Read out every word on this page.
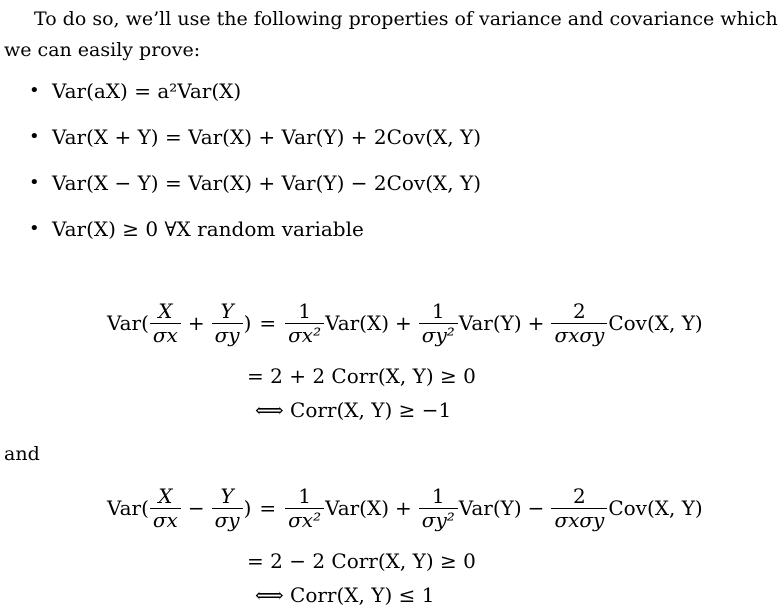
To do so, we’ll use the following properties of variance and covariance which
we can easily prove:
• Var(aX) = a²Var(X)
• Var(X + Y) = Var(X) + Var(Y) + 2Cov(X, Y)
• Var(X − Y) = Var(X) + Var(Y) − 2Cov(X, Y)
• Var(X) ≥ 0 ∀X random variable
$Var( \frac{X}{\sigma x} + \frac{Y}{\sigma y}$ ) = $\frac{1}{\text{σx²}} Var(X) + \frac{1}{\text{σy²}} Var(Y) + \frac{2}{\text{σxσy}} Cov(X$, Y)
= 2 + 2 Corr(X, Y) ≥ 0
⟺ Corr(X, Y) ≥ −1
and
$Var( \frac{X}{\sigma x} - \frac{Y}{\sigma y}$ ) = $\frac{1}{\text{σx²}} Var(X) + \frac{1}{\text{σy²}} Var(Y) - \frac{2}{\text{σxσy}} Cov(X$, Y)
= 2 − 2 Corr(X, Y) ≥ 0
⟺ Corr(X, Y) ≤ 1
